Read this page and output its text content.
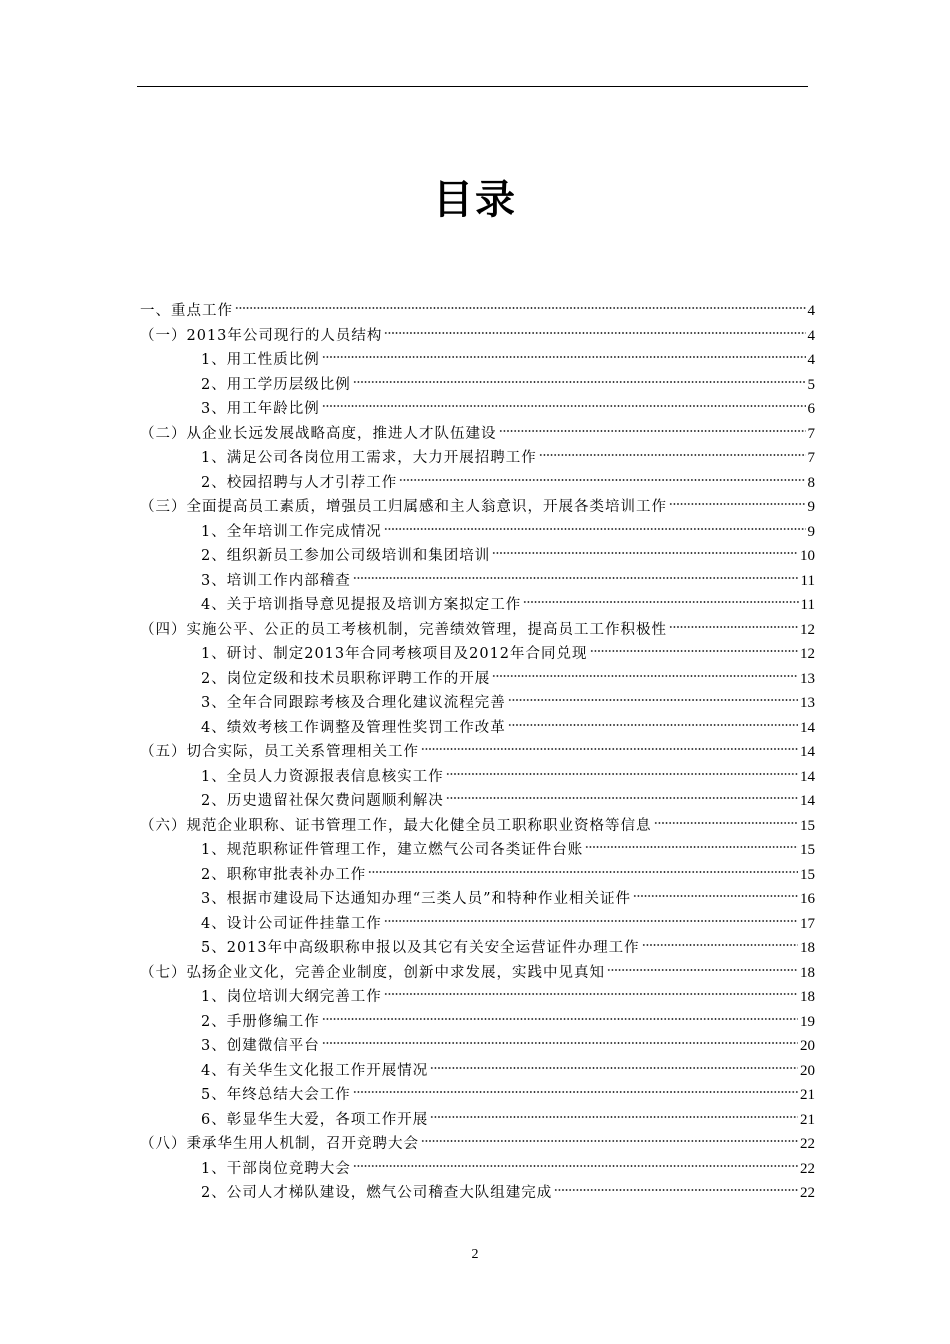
目录
一、重点工作	4
（一）2013年公司现行的人员结构	4
1、用工性质比例	4
2、用工学历层级比例	5
3、用工年龄比例	6
（二）从企业长远发展战略高度，推进人才队伍建设	7
1、满足公司各岗位用工需求，大力开展招聘工作	7
2、校园招聘与人才引荐工作	8
（三）全面提高员工素质，增强员工归属感和主人翁意识，开展各类培训工作	9
1、全年培训工作完成情况	9
2、组织新员工参加公司级培训和集团培训	10
3、培训工作内部稽查	11
4、关于培训指导意见提报及培训方案拟定工作	11
（四）实施公平、公正的员工考核机制，完善绩效管理，提高员工工作积极性	12
1、研讨、制定2013年合同考核项目及2012年合同兑现	12
2、岗位定级和技术员职称评聘工作的开展	13
3、全年合同跟踪考核及合理化建议流程完善	13
4、绩效考核工作调整及管理性奖罚工作改革	14
（五）切合实际，员工关系管理相关工作	14
1、全员人力资源报表信息核实工作	14
2、历史遗留社保欠费问题顺利解决	14
（六）规范企业职称、证书管理工作，最大化健全员工职称职业资格等信息	15
1、规范职称证件管理工作，建立燃气公司各类证件台账	15
2、职称审批表补办工作	15
3、根据市建设局下达通知办理“三类人员”和特种作业相关证件	16
4、设计公司证件挂靠工作	17
5、2013年中高级职称申报以及其它有关安全运营证件办理工作	18
（七）弘扬企业文化，完善企业制度，创新中求发展，实践中见真知	18
1、岗位培训大纲完善工作	18
2、手册修编工作	19
3、创建微信平台	20
4、有关华生文化报工作开展情况	20
5、年终总结大会工作	21
6、彰显华生大爱，各项工作开展	21
（八）秉承华生用人机制，召开竞聘大会	22
1、干部岗位竞聘大会	22
2、公司人才梯队建设，燃气公司稽查大队组建完成	22
2
